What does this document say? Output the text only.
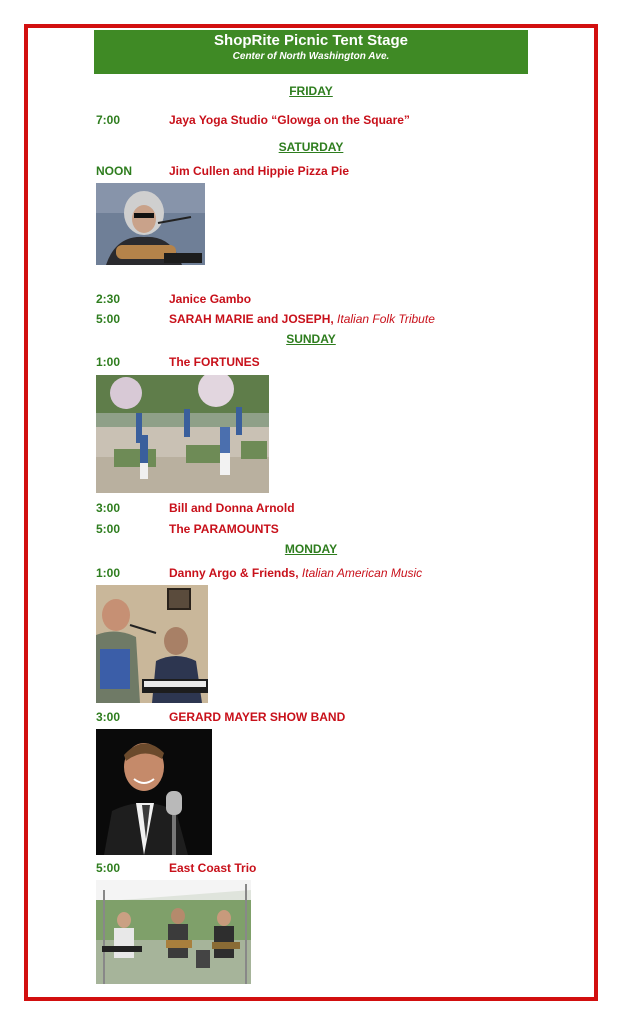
ShopRite Picnic Tent Stage
Center of North Washington Ave.
FRIDAY
7:00	Jaya Yoga Studio “Glowga on the Square”
SATURDAY
NOON	Jim Cullen and Hippie Pizza Pie
2:30	Janice Gambo
5:00	SARAH MARIE and JOSEPH, Italian Folk Tribute
SUNDAY
1:00	The FORTUNES
3:00	Bill and Donna Arnold
5:00	The PARAMOUNTS
MONDAY
1:00	Danny Argo & Friends, Italian American Music
3:00	GERARD MAYER SHOW BAND
5:00	East Coast Trio
